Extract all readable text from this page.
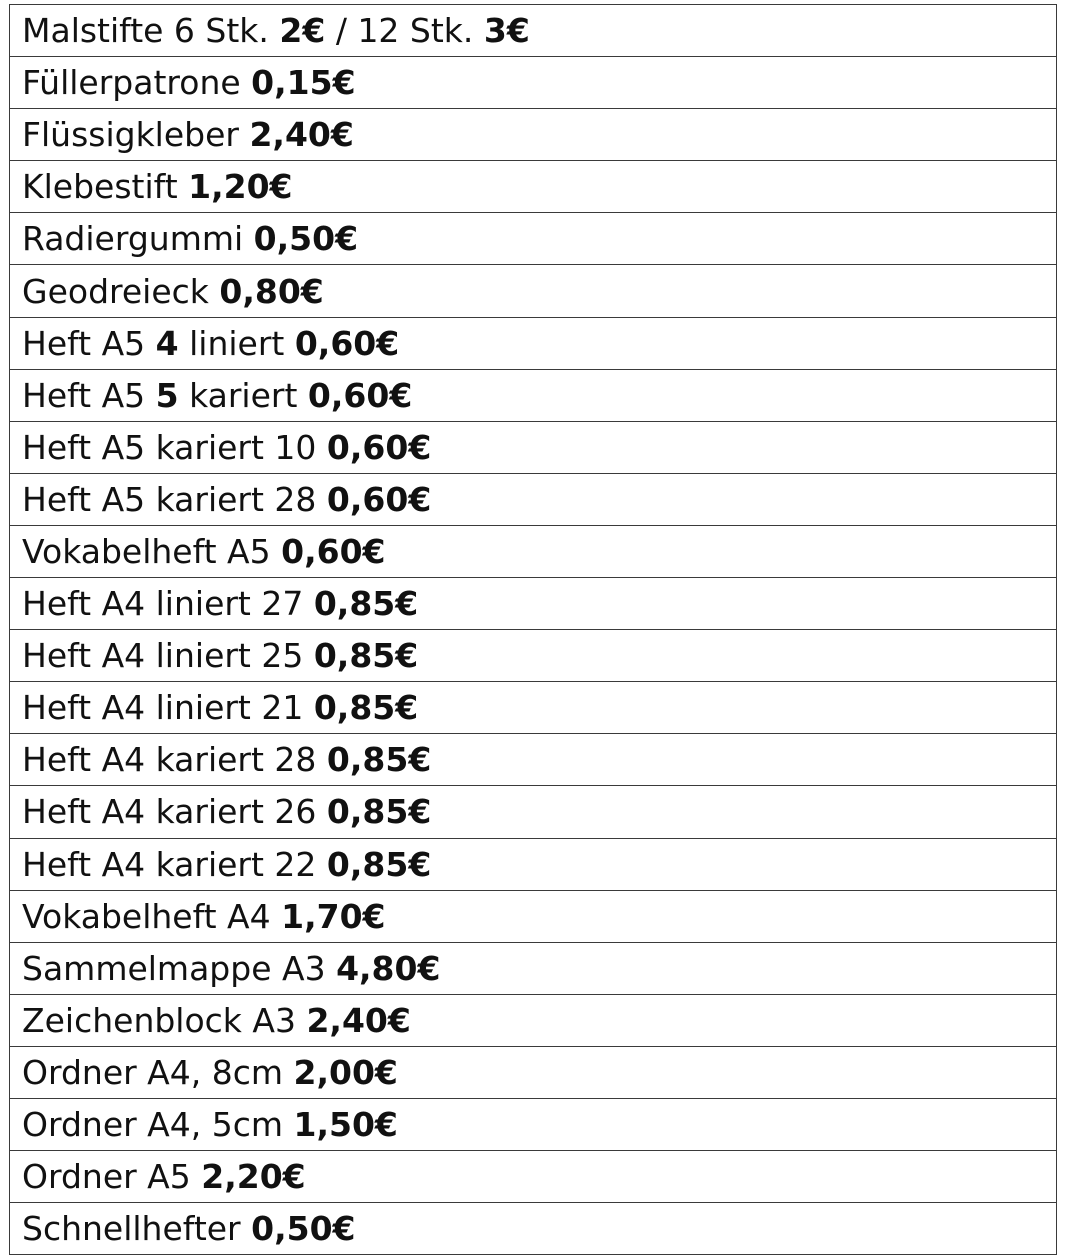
Malstifte 6 Stk. 2€ / 12 Stk. 3€
Füllerpatrone 0,15€
Flüssigkleber 2,40€
Klebestift 1,20€
Radiergummi 0,50€
Geodreieck 0,80€
Heft A5 4 liniert 0,60€
Heft A5 5 kariert 0,60€
Heft A5 kariert 10 0,60€
Heft A5 kariert 28 0,60€
Vokabelheft A5 0,60€
Heft A4 liniert 27 0,85€
Heft A4 liniert 25 0,85€
Heft A4 liniert 21 0,85€
Heft A4 kariert 28 0,85€
Heft A4 kariert 26 0,85€
Heft A4 kariert 22 0,85€
Vokabelheft A4 1,70€
Sammelmappe A3 4,80€
Zeichenblock A3 2,40€
Ordner A4, 8cm 2,00€
Ordner A4, 5cm 1,50€
Ordner A5 2,20€
Schnellhefter 0,50€
